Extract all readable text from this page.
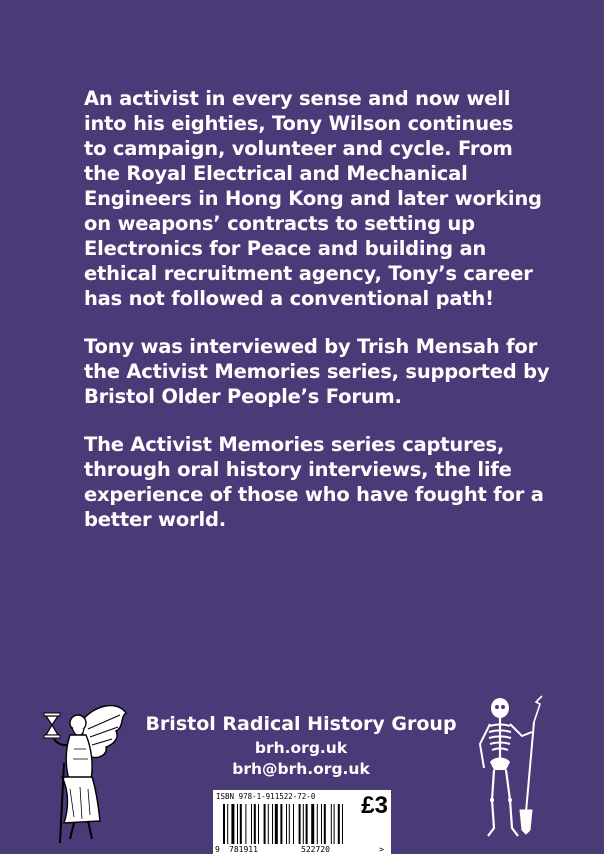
An activist in every sense and now well
into his eighties, Tony Wilson continues
to campaign, volunteer and cycle. From
the Royal Electrical and Mechanical
Engineers in Hong Kong and later working
on weapons’ contracts to setting up
Electronics for Peace and building an
ethical recruitment agency, Tony’s career
has not followed a conventional path!

Tony was interviewed by Trish Mensah for
the Activist Memories series, supported by
Bristol Older People’s Forum.

The Activist Memories series captures,
through oral history interviews, the life
experience of those who have fought for a
better world.

Bristol Radical History Group
brh.org.uk
brh@brh.org.uk
ISBN 978-1-911522-72-0 £3
9 781911	522720	>
